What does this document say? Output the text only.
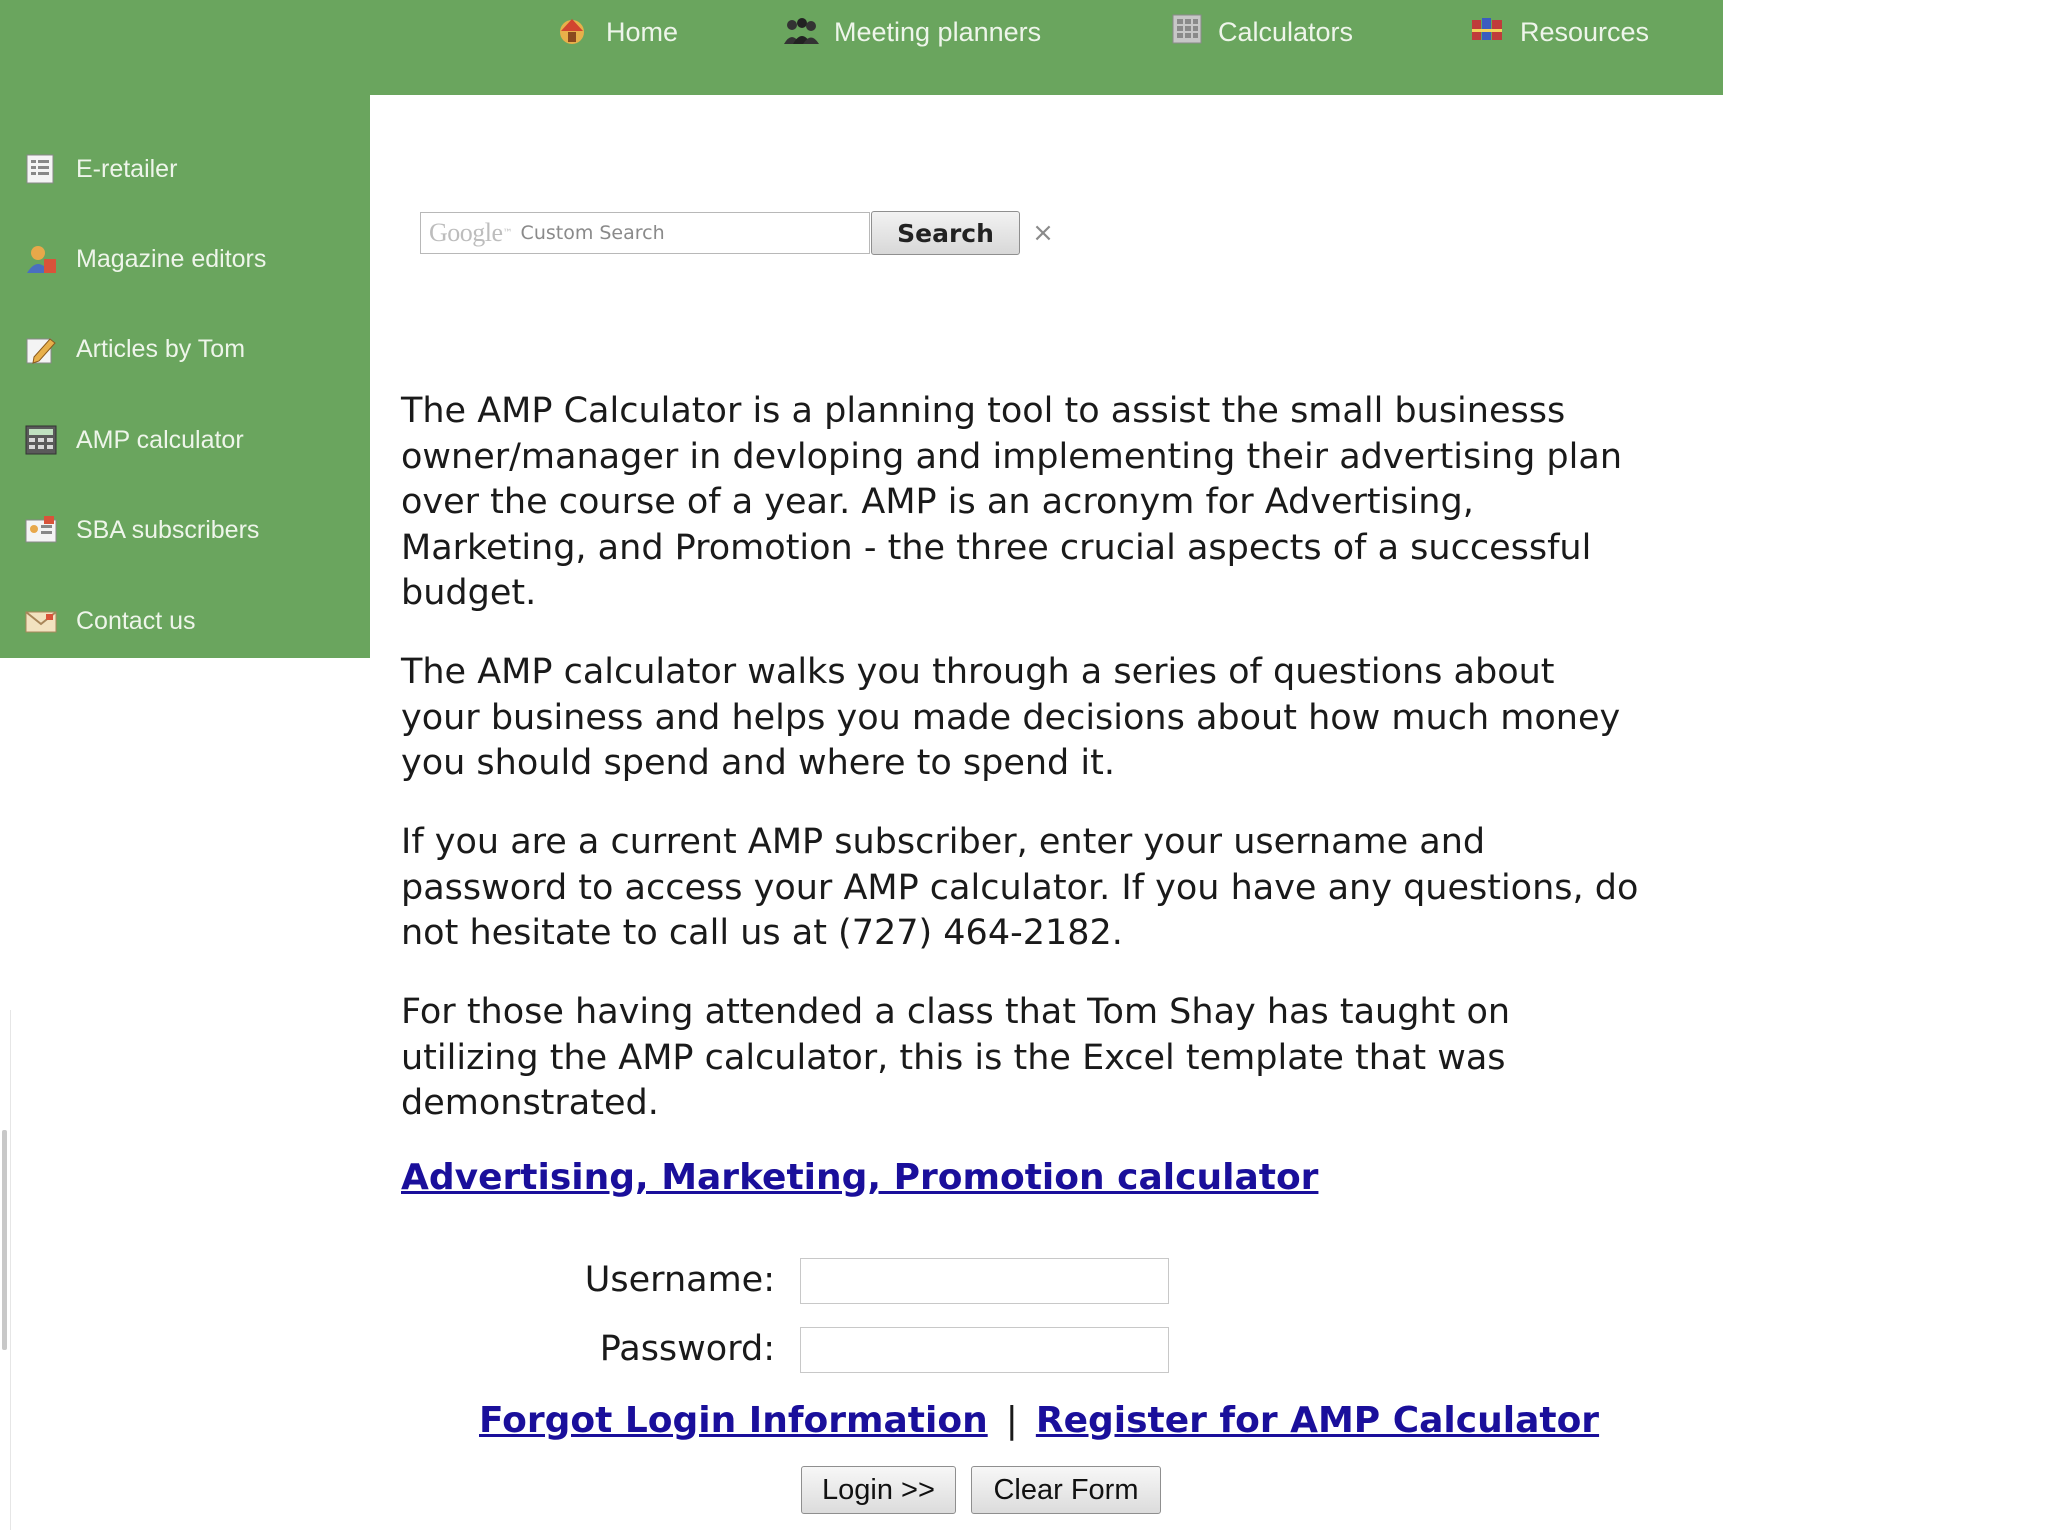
Home	Meeting planners	Calculators	Resources
E-retailer
Magazine editors
Articles by Tom
AMP calculator
SBA subscribers
Contact us
Google ™ Custom Search	Search	×

The AMP Calculator is a planning tool to assist the small businesss owner/manager in devloping and implementing their advertising plan over the course of a year. AMP is an acronym for Advertising, Marketing, and Promotion - the three crucial aspects of a successful budget.

The AMP calculator walks you through a series of questions about your business and helps you made decisions about how much money you should spend and where to spend it.

If you are a current AMP subscriber, enter your username and password to access your AMP calculator. If you have any questions, do not hesitate to call us at (727) 464-2182.

For those having attended a class that Tom Shay has taught on utilizing the AMP calculator, this is the Excel template that was demonstrated.

Advertising, Marketing, Promotion calculator
Username:
Password:
Forgot Login Information | Register for AMP Calculator
Login >>	Clear Form
